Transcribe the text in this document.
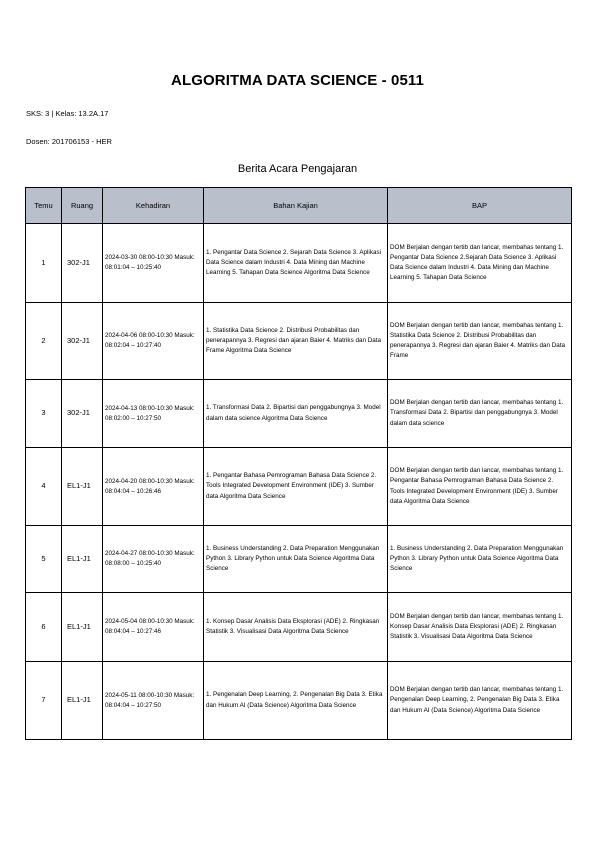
ALGORITMA DATA SCIENCE - 0511
SKS: 3 | Kelas: 13.2A.17
Dosen: 201706153 - HER
Berita Acara Pengajaran
Temu	Ruang	Kehadiran	Bahan Kajian	BAP
1	302-J1	2024-03-30 08:00-10:30 Masuk: 08:01:04 – 10:25:40	1. Pengantar Data Science 2. Sejarah Data Science 3. Aplikasi Data Science dalam Industri 4. Data Mining dan Machine Learning 5. Tahapan Data Science Algoritma Data Science	DOM Berjalan dengan tertib dan lancar, membahas tentang 1. Pengantar Data Science 2.Sejarah Data Science 3. Aplikasi Data Science dalam Industri 4. Data Mining dan Machine Learning 5. Tahapan Data Science
2	302-J1	2024-04-06 08:00-10:30 Masuk: 08:02:04 – 10:27:40	1. Statistika Data Science 2. Distribusi Probabilitas dan penerapannya 3. Regresi dan ajaran Baier 4. Matriks dan Data Frame Algoritma Data Science	DOM Berjalan dengan tertib dan lancar, membahas tentang 1. Statistika Data Science 2. Distribusi Probabilitas dan penerapannya 3. Regresi dan ajaran Baier 4. Matriks dan Data Frame
3	302-J1	2024-04-13 08:00-10:30 Masuk: 08:02:00 – 10:27:50	1. Transformasi Data 2. Bipartisi dan penggabungnya 3. Model dalam data science Algoritma Data Science	DOM Berjalan dengan tertib dan lancar, membahas tentang 1. Transformasi Data 2. Bipartisi dan penggabungnya 3. Model dalam data science
4	EL1-J1	2024-04-20 08:00-10:30 Masuk: 08:04:04 – 10:26:46	1. Pengantar Bahasa Pemrograman Bahasa Data Science 2. Tools Integrated Development Environment (IDE) 3. Sumber data Algoritma Data Science	DOM Berjalan dengan tertib dan lancar, membahas tentang 1. Pengantar Bahasa Pemrograman Bahasa Data Science 2. Tools Integrated Development Environment (IDE) 3. Sumber data Algoritma Data Science
5	EL1-J1	2024-04-27 08:00-10:30 Masuk: 08:08:00 – 10:25:40	1. Business Understanding 2. Data Preparation Menggunakan Python 3. Library Python untuk Data Science Algoritma Data Science	1. Business Understanding 2. Data Preparation Menggunakan Python 3. Library Python untuk Data Science Algoritma Data Science
6	EL1-J1	2024-05-04 08:00-10:30 Masuk: 08:04:04 – 10:27:46	1. Konsep Dasar Analisis Data Eksplorasi (ADE) 2. Ringkasan Statistik 3. Visualisasi Data Algoritma Data Science	DOM Berjalan dengan tertib dan lancar, membahas tentang 1. Konsep Dasar Analisis Data Eksplorasi (ADE) 2. Ringkasan Statistik 3. Visualisasi Data Algoritma Data Science
7	EL1-J1	2024-05-11 08:00-10:30 Masuk: 08:04:04 – 10:27:50	1. Pengenalan Deep Learning, 2. Pengenalan Big Data 3. Etika dan Hukum AI (Data Science) Algoritma Data Science	DOM Berjalan dengan tertib dan lancar, membahas tentang 1. Pengenalan Deep Learning, 2. Pengenalan Big Data 3. Etika dan Hukum AI (Data Science) Algoritma Data Science
